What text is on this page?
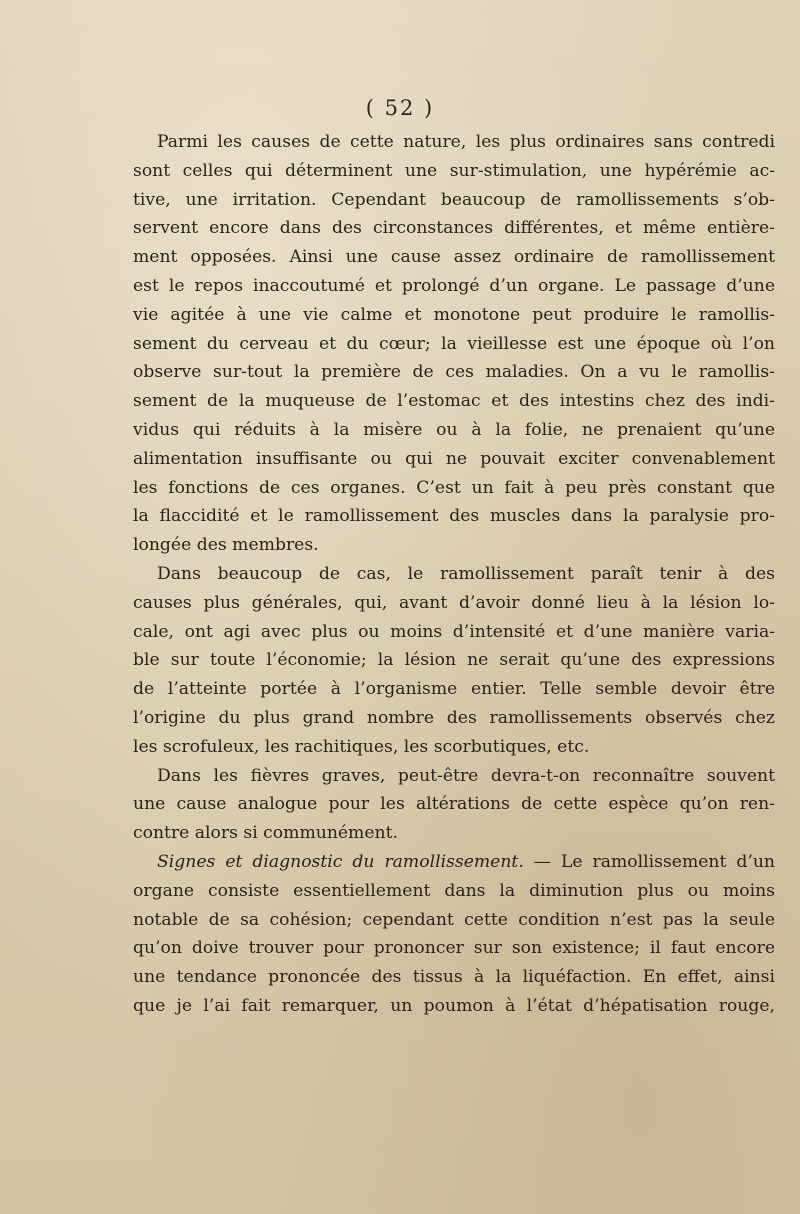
( 52 )
Parmi les causes de cette nature, les plus ordinaires sans contredi
sont celles qui déterminent une sur-stimulation, une hypérémie ac-
tive, une irritation. Cependant beaucoup de ramollissements s’ob-
servent encore dans des circonstances différentes, et même entière-
ment opposées. Ainsi une cause assez ordinaire de ramollissement
est le repos inaccoutumé et prolongé d’un organe. Le passage d’une
vie agitée à une vie calme et monotone peut produire le ramollis-
sement du cerveau et du cœur; la vieillesse est une époque où l’on
observe sur-tout la première de ces maladies. On a vu le ramollis-
sement de la muqueuse de l’estomac et des intestins chez des indi-
vidus qui réduits à la misère ou à la folie, ne prenaient qu’une
alimentation insuffisante ou qui ne pouvait exciter convenablement
les fonctions de ces organes. C’est un fait à peu près constant que
la flaccidité et le ramollissement des muscles dans la paralysie pro-
longée des membres.
Dans beaucoup de cas, le ramollissement paraît tenir à des
causes plus générales, qui, avant d’avoir donné lieu à la lésion lo-
cale, ont agi avec plus ou moins d’intensité et d’une manière varia-
ble sur toute l’économie; la lésion ne serait qu’une des expressions
de l’atteinte portée à l’organisme entier. Telle semble devoir être
l’origine du plus grand nombre des ramollissements observés chez
les scrofuleux, les rachitiques, les scorbutiques, etc.
Dans les fièvres graves, peut-être devra-t-on reconnaître souvent
une cause analogue pour les altérations de cette espèce qu’on ren-
contre alors si communément.
Signes et diagnostic du ramollissement. — Le ramollissement d’un
organe consiste essentiellement dans la diminution plus ou moins
notable de sa cohésion; cependant cette condition n’est pas la seule
qu’on doive trouver pour prononcer sur son existence; il faut encore
une tendance prononcée des tissus à la liquéfaction. En effet, ainsi
que je l’ai fait remarquer, un poumon à l’état d’hépatisation rouge,
